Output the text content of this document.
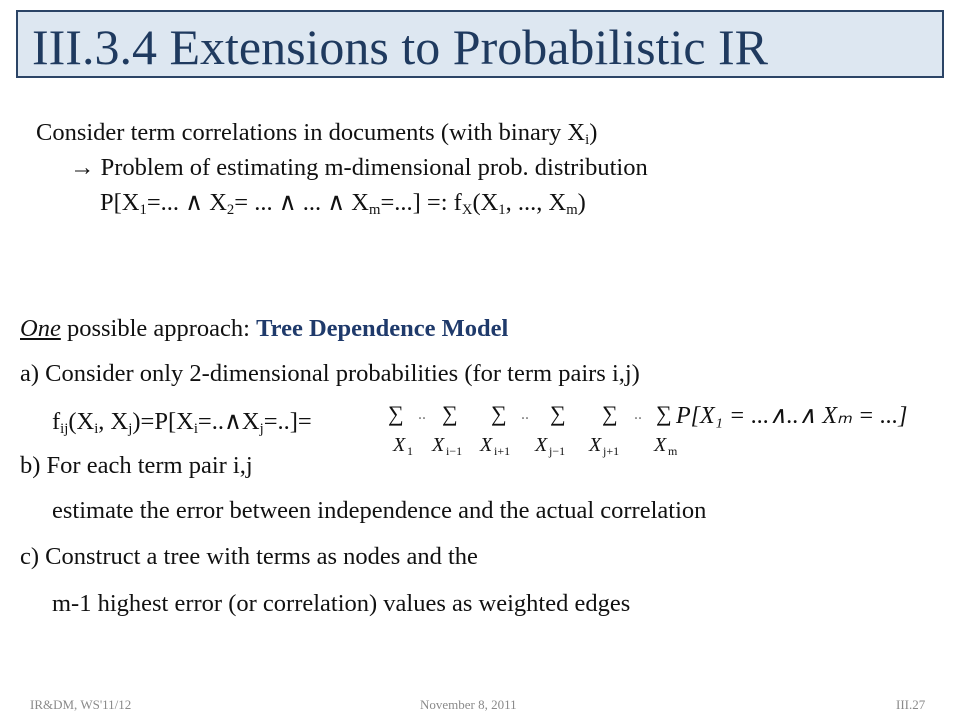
III.3.4 Extensions to Probabilistic IR
Consider term correlations in documents (with binary $X_i$)
→ Problem of estimating m-dimensional prob. distribution
$P[X_1=$... ∧ $X_2=$ ... ∧ ... ∧ $X_m=$...] =: $f_X(X_1$, ..., $X_m$)
One possible approach: Tree Dependence Model
a) Consider only 2-dimensional probabilities (for term pairs i,j)
$f_{ij}(X_i$, $X_j)=P[X_i=..\wedge X_j=..]=$	∑
X 1
.. ∑
X i−1
∑
X i+1
.. ∑
X j−1
∑
X j+1
.. ∑
X m
P[X₁ = ...∧..∧ Xₘ = ...]
b) For each term pair i,j
estimate the error between independence and the actual correlation
c) Construct a tree with terms as nodes and the
m-1 highest error (or correlation) values as weighted edges
IR&DM, WS'11/12	November 8, 2011	III.27
